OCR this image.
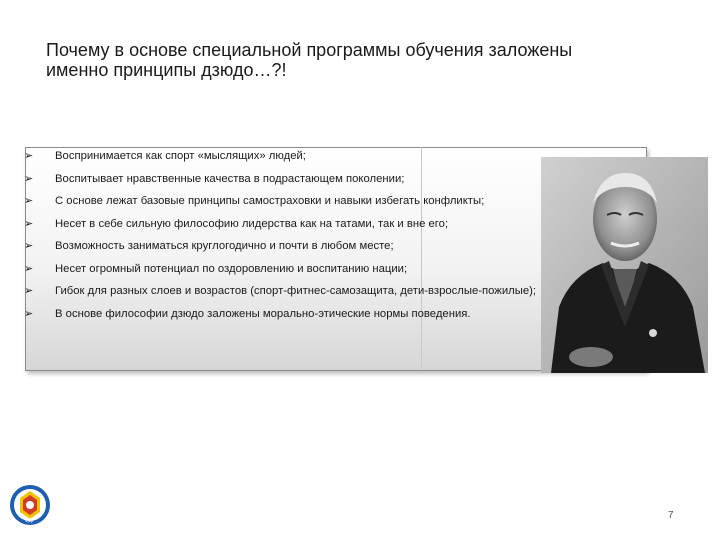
Почему в основе специальной программы обучения заложены
именно принципы дзюдо…?!
➢	Воспринимается как спорт «мыслящих» людей;
➢	Воспитывает нравственные качества в подрастающем поколении;
➢	С основе лежат базовые принципы самостраховки и навыки избегать конфликты;
➢	Несет в себе сильную философию лидерства как на татами, так и вне его;
➢	Возможность заниматься круглогодично и почти в любом месте;
➢	Несет огромный потенциал по оздоровлению и воспитанию нации;
➢	Гибок для разных слоев и возрастов (спорт-фитнес-самозащита, дети-взрослые-пожилые);
➢	В основе философии дзюдо заложены морально-этические нормы поведения.
ФДР	7
